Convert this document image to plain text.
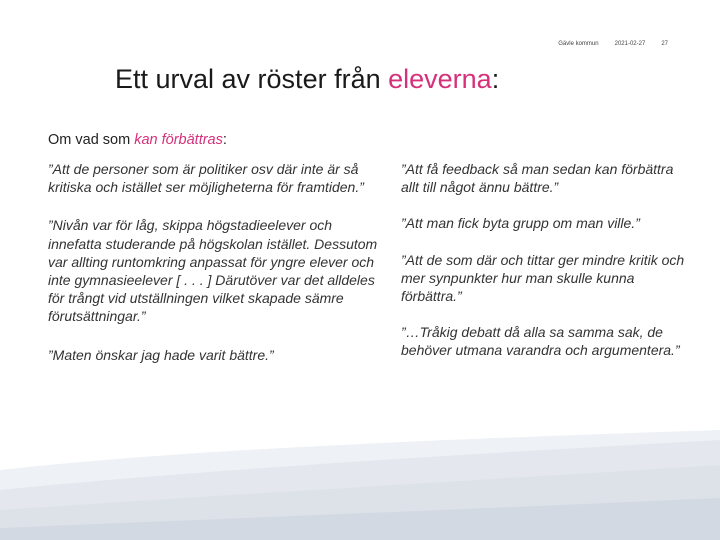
Gävle kommun	2021-02-27	27
Ett urval av röster från eleverna:
Om vad som kan förbättras:

”Att de personer som är politiker osv där inte är så kritiska och istället ser möjligheterna för framtiden.”

”Nivån var för låg, skippa högstadieelever och innefatta studerande på högskolan istället. Dessutom var allting runtomkring anpassat för yngre elever och inte gymnasieelever [ . . . ] Därutöver var det alldeles för trångt vid utställningen vilket skapade sämre förutsättningar.”

”Maten önskar jag hade varit bättre.”

”Att få feedback så man sedan kan förbättra allt till något ännu bättre.”

”Att man fick byta grupp om man ville.”

”Att de som där och tittar ger mindre kritik och mer synpunkter hur man skulle kunna förbättra.”

”…Tråkig debatt då alla sa samma sak, de behöver utmana varandra och argumentera.”
